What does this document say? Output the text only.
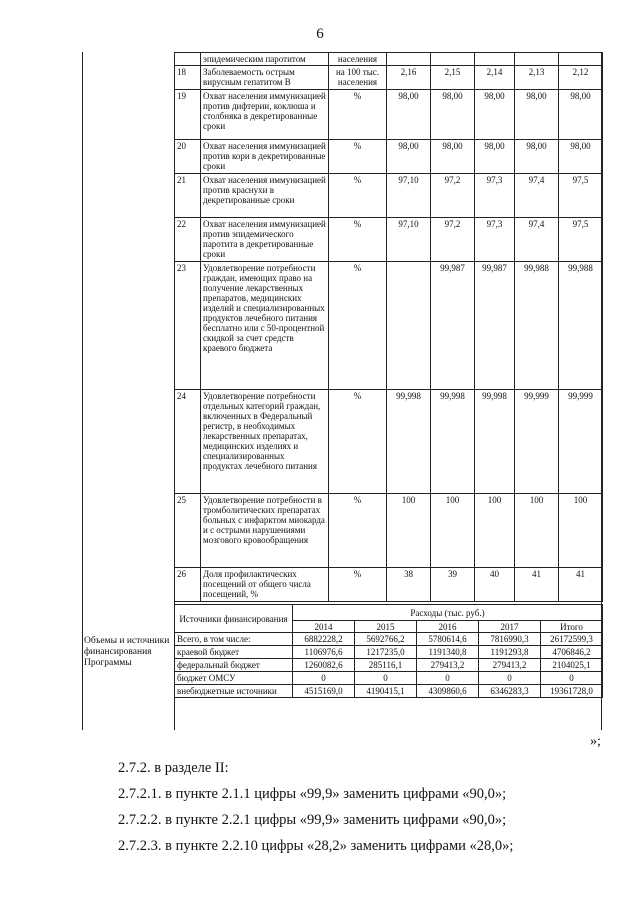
6
	эпидемическим паротитом	населения					
18	Заболеваемость острым вирусным гепатитом В	на 100 тыс. населения	2,16	2,15	2,14	2,13	2,12
19	Охват населения иммунизацией против дифтерии, коклюша и столбняка в декретированные сроки	%	98,00	98,00	98,00	98,00	98,00
20	Охват населения иммунизацией против кори в декретированные сроки	%	98,00	98,00	98,00	98,00	98,00
21	Охват населения иммунизацией против краснухи в декретированные сроки	%	97,10	97,2	97,3	97,4	97,5
22	Охват населения иммунизацией против эпидемического паротита в декретированные сроки	%	97,10	97,2	97,3	97,4	97,5
23	Удовлетворение потребности граждан, имеющих право на получение лекарственных препаратов, медицинских изделий и специализированных продуктов лечебного питания бесплатно или с 50-процентной скидкой за счет средств краевого бюджета	%		99,987	99,987	99,988	99,988
24	Удовлетворение потребности отдельных категорий граждан, включенных в Федеральный регистр, в необходимых лекарственных препаратах, медицинских изделиях и специализированных продуктах лечебного питания	%	99,998	99,998	99,998	99,999	99,999
25	Удовлетворение потребности в тромболитических препаратах больных с инфарктом миокарда и с острыми нарушениями мозгового кровообращения	%	100	100	100	100	100
26	Доля профилактических посещений от общего числа посещений, %	%	38	39	40	41	41
Объемы и источники финансирования Программы
Источники финансирования	Расходы (тыс. руб.)				
	2014	2015	2016	2017	Итого
Всего, в том числе:	6882228,2	5692766,2	5780614,6	7816990,3	26172599,3
краевой бюджет	1106976,6	1217235,0	1191340,8	1191293,8	4706846,2
федеральный бюджет	1260082,6	285116,1	279413,2	279413,2	2104025,1
бюджет ОМСУ	0	0	0	0	0
внебюджетные источники	4515169,0	4190415,1	4309860,6	6346283,3	19361728,0
»;
2.7.2. в разделе II:
2.7.2.1. в пункте 2.1.1 цифры «99,9» заменить цифрами «90,0»;
2.7.2.2. в пункте 2.2.1 цифры «99,9» заменить цифрами «90,0»;
2.7.2.3. в пункте 2.2.10 цифры «28,2» заменить цифрами «28,0»;
